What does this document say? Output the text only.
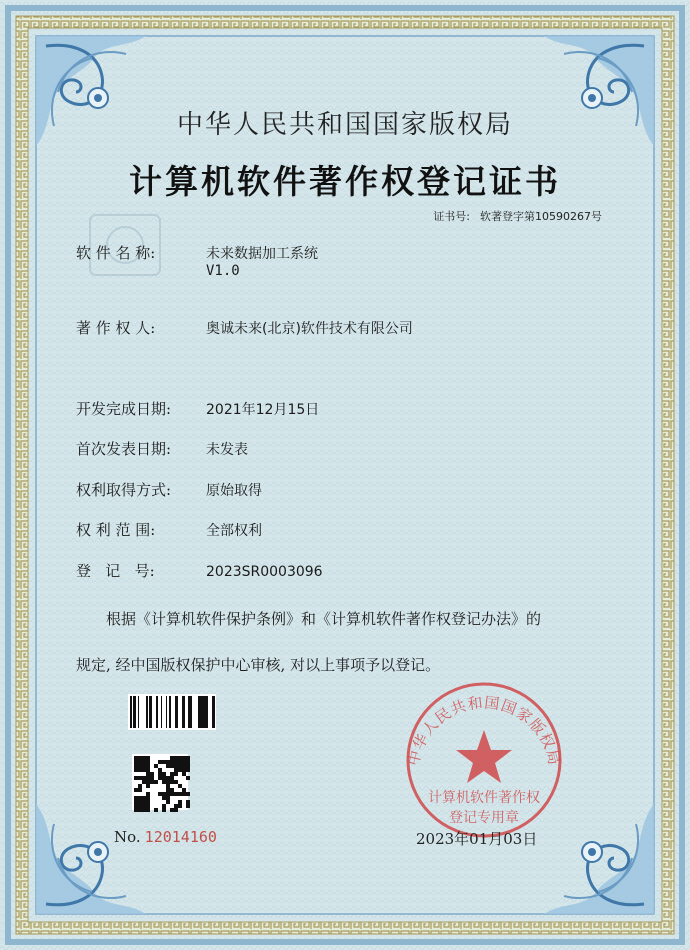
中华人民共和国国家版权局
计算机软件著作权
登记专用章
中华人民共和国国家版权局
计算机软件著作权登记证书
证书号: 软著登字第10590267号
软 件 名 称:	未来数据加工系统
V1.0
著 作 权 人:	奥诚未来(北京)软件技术有限公司
开发完成日期: 2021年12月15日
首次发表日期: 未发表
权利取得方式: 原始取得
权 利 范 围:	全部权利
登   记   号:	2023SR0003096
根据《计算机软件保护条例》和《计算机软件著作权登记办法》的
规定, 经中国版权保护中心审核, 对以上事项予以登记。
No. 12014160	2023年01月03日
